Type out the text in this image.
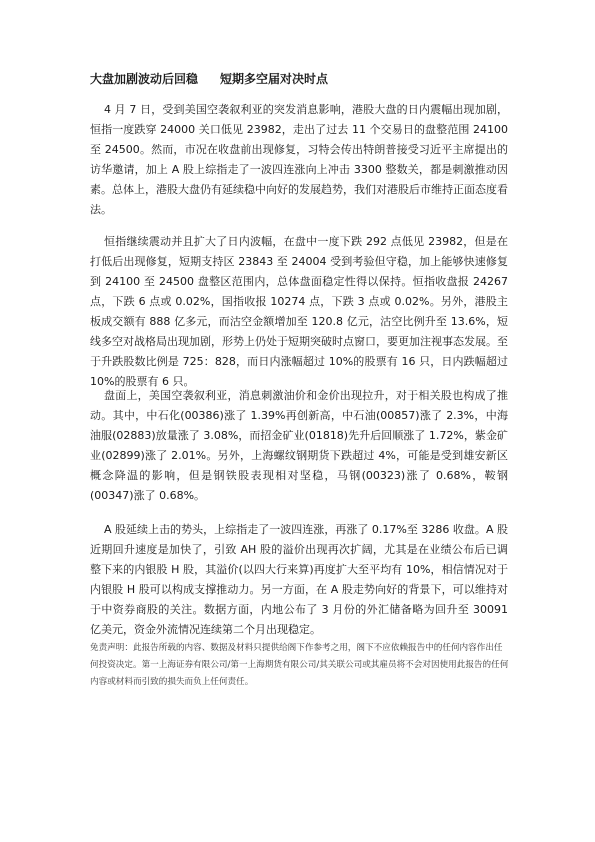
大盘加剧波动后回稳 短期多空届对决时点

4 月 7 日，受到美国空袭叙利亚的突发消息影响，港股大盘的日内震幅出现加剧，恒指一度跌穿 24000 关口低见 23982，走出了过去 11 个交易日的盘整范围 24100 至 24500。然而，市况在收盘前出现修复，习特会传出特朗普接受习近平主席提出的访华邀请，加上 A 股上综指走了一波四连涨向上冲击 3300 整数关，都是刺激推动因素。总体上，港股大盘仍有延续稳中向好的发展趋势，我们对港股后市维持正面态度看法。

恒指继续震动并且扩大了日内波幅，在盘中一度下跌 292 点低见 23982，但是在打低后出现修复，短期支持区 23843 至 24004 受到考验但守稳，加上能够快速修复到 24100 至 24500 盘整区范围内，总体盘面稳定性得以保持。恒指收盘报 24267 点，下跌 6 点或 0.02%，国指收报 10274 点，下跌 3 点或 0.02%。另外，港股主板成交额有 888 亿多元，而沽空金额增加至 120.8 亿元，沽空比例升至 13.6%，短线多空对战格局出现加剧，形势上仍处于短期突破时点窗口，要更加注视事态发展。至于升跌股数比例是 725：828，而日内涨幅超过 10%的股票有 16 只，日内跌幅超过 10%的股票有 6 只。

盘面上，美国空袭叙利亚，消息刺激油价和金价出现拉升，对于相关股也构成了推动。其中，中石化(00386)涨了 1.39%再创新高，中石油(00857)涨了 2.3%，中海油服(02883)放量涨了 3.08%，而招金矿业(01818)先升后回顺涨了 1.72%，紫金矿业(02899)涨了 2.01%。另外，上海螺纹钢期货下跌超过 4%，可能是受到雄安新区概念降温的影响，但是钢铁股表现相对坚稳，马钢(00323)涨了 0.68%，鞍钢(00347)涨了 0.68%。

A 股延续上击的势头，上综指走了一波四连涨，再涨了 0.17%至 3286 收盘。A 股近期回升速度是加快了，引致 AH 股的溢价出现再次扩阔，尤其是在业绩公布后已调整下来的内银股 H 股，其溢价(以四大行来算)再度扩大至平均有 10%，相信情况对于内银股 H 股可以构成支撑推动力。另一方面，在 A 股走势向好的背景下，可以维持对于中资券商股的关注。数据方面，内地公布了 3 月份的外汇储备略为回升至 30091 亿美元，资金外流情况连续第二个月出现稳定。

免责声明：此报告所载的内容、数据及材料只提供给阁下作参考之用，阁下不应依赖报告中的任何内容作出任何投资决定。第一上海证券有限公司/第一上海期货有限公司/其关联公司或其雇员将不会对因使用此报告的任何内容或材料而引致的损失而负上任何责任。
